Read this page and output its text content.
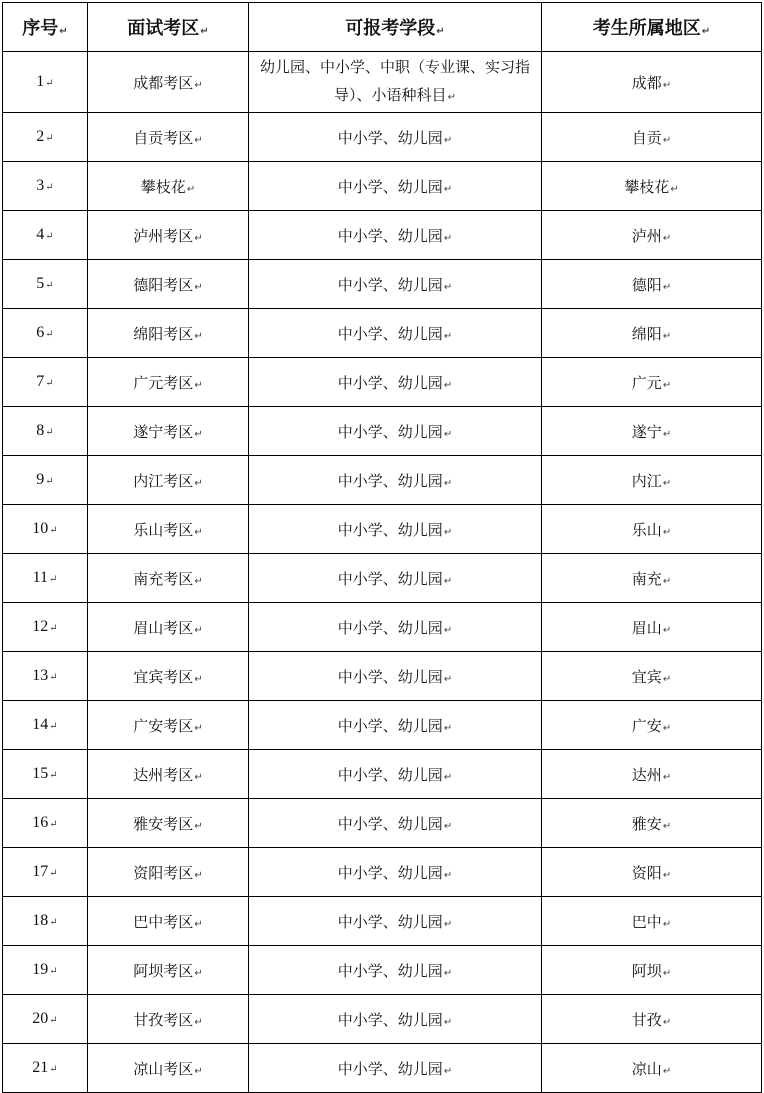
序号↵	面试考区↵	可报考学段↵	考生所属地区↵
1↵	成都考区↵	幼儿园、中小学、中职（专业课、实习指导）、小语种科目↵	成都↵
2↵	自贡考区↵	中小学、幼儿园↵	自贡↵
3↵	攀枝花↵	中小学、幼儿园↵	攀枝花↵
4↵	泸州考区↵	中小学、幼儿园↵	泸州↵
5↵	德阳考区↵	中小学、幼儿园↵	德阳↵
6↵	绵阳考区↵	中小学、幼儿园↵	绵阳↵
7↵	广元考区↵	中小学、幼儿园↵	广元↵
8↵	遂宁考区↵	中小学、幼儿园↵	遂宁↵
9↵	内江考区↵	中小学、幼儿园↵	内江↵
10↵	乐山考区↵	中小学、幼儿园↵	乐山↵
11↵	南充考区↵	中小学、幼儿园↵	南充↵
12↵	眉山考区↵	中小学、幼儿园↵	眉山↵
13↵	宜宾考区↵	中小学、幼儿园↵	宜宾↵
14↵	广安考区↵	中小学、幼儿园↵	广安↵
15↵	达州考区↵	中小学、幼儿园↵	达州↵
16↵	雅安考区↵	中小学、幼儿园↵	雅安↵
17↵	资阳考区↵	中小学、幼儿园↵	资阳↵
18↵	巴中考区↵	中小学、幼儿园↵	巴中↵
19↵	阿坝考区↵	中小学、幼儿园↵	阿坝↵
20↵	甘孜考区↵	中小学、幼儿园↵	甘孜↵
21↵	凉山考区↵	中小学、幼儿园↵	凉山↵
